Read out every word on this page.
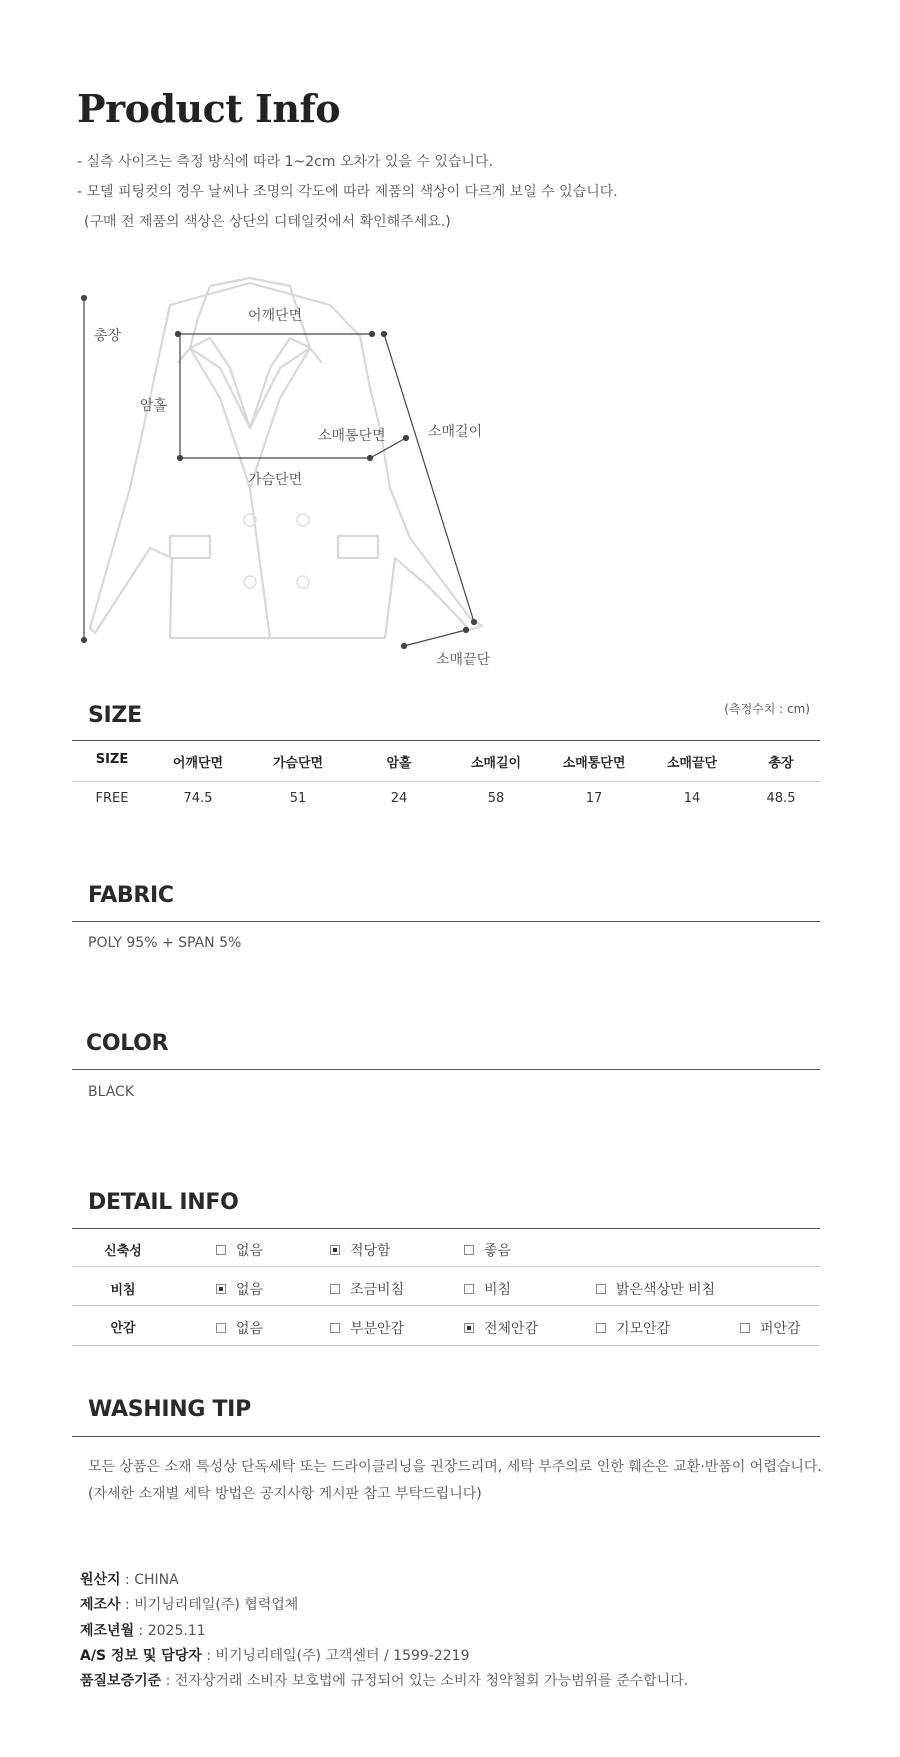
Product Info
- 실측 사이즈는 측정 방식에 따라 1~2cm 오차가 있을 수 있습니다.
- 모델 피팅컷의 경우 날씨나 조명의 각도에 따라 제품의 색상이 다르게 보일 수 있습니다.
(구매 전 제품의 색상은 상단의 디테일컷에서 확인해주세요.)
총장
어깨단면
암홀
소매통단면	소매길이
가슴단면
소매끝단
SIZE	(측정수치 : cm)
SIZE	어깨단면	가슴단면	암홀	소매길이	소매통단면	소매끝단	총장
FREE	74.5	51	24	58	17	14	48.5
FABRIC
POLY 95% + SPAN 5%
COLOR
BLACK
DETAIL INFO
신축성	없음	적당함	좋음
비침	없음	조금비침	비침	밝은색상만 비침
안감	없음	부분안감	전체안감	기모안감	퍼안감
WASHING TIP
모든 상품은 소재 특성상 단독세탁 또는 드라이클리닝을 권장드리며, 세탁 부주의로 인한 훼손은 교환·반품이 어렵습니다.
(자세한 소재별 세탁 방법은 공지사항 게시판 참고 부탁드립니다)
원산지 : CHINA
제조사 : 비기닝리테일(주) 협력업체
제조년월 : 2025.11
A/S 정보 및 담당자 : 비기닝리테일(주) 고객센터 / 1599-2219
품질보증기준 : 전자상거래 소비자 보호법에 규정되어 있는 소비자 청약철회 가능범위를 준수합니다.
